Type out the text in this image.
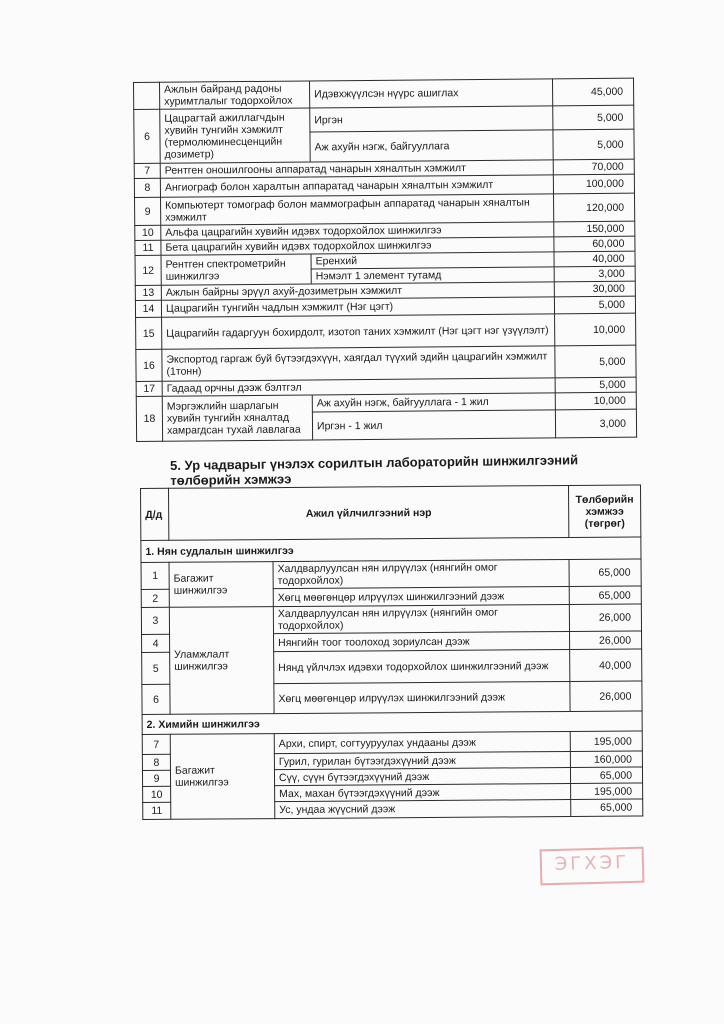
	Ажлын байранд радоны хуримтлалыг тодорхойлох	Идэвхжүүлсэн нүүрс ашиглах	45,000
6	Цацрагтай ажиллагчдын хувийн тунгийн хэмжилт (термолюминесценцийн дозиметр)	Иргэн	5,000
		Аж ахуйн нэгж, байгууллага	5,000
7	Рентген оношилгооны аппаратад чанарын хяналтын хэмжилт		70,000
8	Ангиограф болон харалтын аппаратад чанарын хяналтын хэмжилт		100,000
9	Компьютерт томограф болон маммографын аппаратад чанарын хяналтын хэмжилт		120,000
10	Альфа цацрагийн хувийн идэвх тодорхойлох шинжилгээ		150,000
11	Бета цацрагийн хувийн идэвх тодорхойлох шинжилгээ		60,000
12	Рентген спектрометрийн шинжилгээ	Еренхий	40,000
		Нэмэлт 1 элемент тутамд	3,000
13	Ажлын байрны эрүүл ахуй-дозиметрын хэмжилт		30,000
14	Цацрагийн тунгийн чадлын хэмжилт (Нэг цэгт)		5,000
15	Цацрагийн гадаргуун бохирдолт, изотоп таних хэмжилт (Нэг цэгт нэг үзүүлэлт)		10,000
16	Экспортод гаргаж буй бүтээгдэхүүн, хаягдал түүхий эдийн цацрагийн хэмжилт (1тонн)		5,000
17	Гадаад орчны дээж бэлтгэл		5,000
18	Мэргэжлийн шарлагын хувийн тунгийн хяналтад хамрагдсан тухай лавлагаа	Аж ахуйн нэгж, байгууллага - 1 жил	10,000
		Иргэн - 1 жил	3,000
5. Ур чадварыг үнэлэх сорилтын лабораторийн шинжилгээний төлбөрийн хэмжээ
Д/д	Ажил үйлчилгээний нэр		Төлбөрийн хэмжээ (төгрөг)
1. Нян судлалын шинжилгээ			
1	Багажит шинжилгээ	Халдварлуулсан нян илрүүлэх (нянгийн омог тодорхойлох)	65,000
2		Хөгц мөөгөнцөр илрүүлэх шинжилгээний дээж	65,000
3	Уламжлалт шинжилгээ	Халдварлуулсан нян илрүүлэх (нянгийн омог тодорхойлох)	26,000
4		Нянгийн тоог тоолоход зориулсан дээж	26,000
5		Нянд үйлчлэх идэвхи тодорхойлох шинжилгээний дээж	40,000
6		Хөгц мөөгөнцөр илрүүлэх шинжилгээний дээж	26,000
2. Химийн шинжилгээ			
7	Багажит шинжилгээ	Архи, спирт, согтууруулах ундааны дээж	195,000
8		Гурил, гурилан бүтээгдэхүүний дээж	160,000
9		Сүү, сүүн бүтээгдэхүүний дээж	65,000
10		Мах, махан бүтээгдэхүүний дээж	195,000
11		Ус, ундаа жүүсний дээж	65,000
ЭГХЭГ
